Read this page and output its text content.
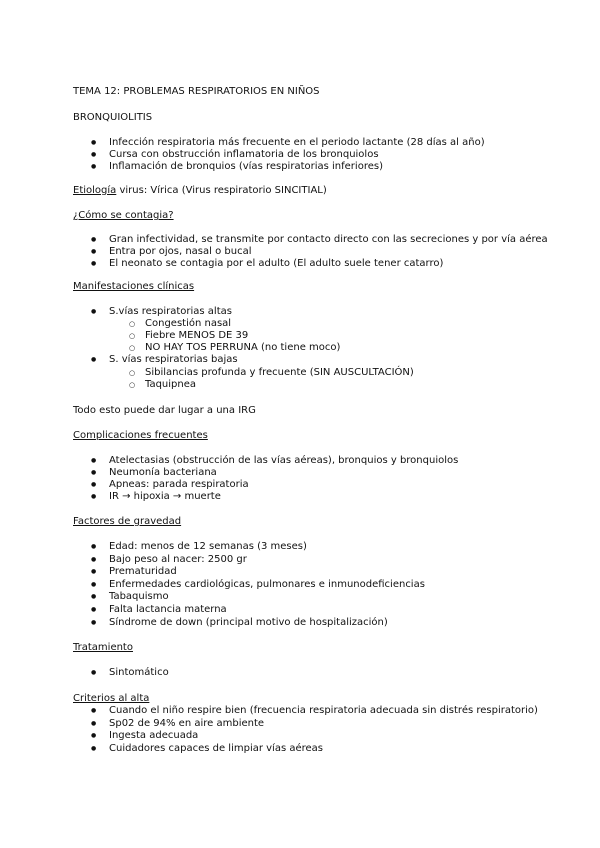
TEMA 12: PROBLEMAS RESPIRATORIOS EN NIÑOS
BRONQUIOLITIS
● Infección respiratoria más frecuente en el periodo lactante (28 días al año)
● Cursa con obstrucción inflamatoria de los bronquiolos
● Inflamación de bronquios (vías respiratorias inferiores)
Etiología virus: Vírica (Virus respiratorio SINCITIAL)
¿Cómo se contagia?
● Gran infectividad, se transmite por contacto directo con las secreciones y por vía aérea
● Entra por ojos, nasal o bucal
● El neonato se contagia por el adulto (El adulto suele tener catarro)
Manifestaciones clínicas
● S.vías respiratorias altas
○ Congestión nasal
○ Fiebre MENOS DE 39
○ NO HAY TOS PERRUNA (no tiene moco)
● S. vías respiratorias bajas
○ Sibilancias profunda y frecuente (SIN AUSCULTACIÓN)
○ Taquipnea
Todo esto puede dar lugar a una IRG
Complicaciones frecuentes
● Atelectasias (obstrucción de las vías aéreas), bronquios y bronquiolos
● Neumonía bacteriana
● Apneas: parada respiratoria
● IR → hipoxia → muerte
Factores de gravedad
● Edad: menos de 12 semanas (3 meses)
● Bajo peso al nacer: 2500 gr
● Prematuridad
● Enfermedades cardiológicas, pulmonares e inmunodeficiencias
● Tabaquismo
● Falta lactancia materna
● Síndrome de down (principal motivo de hospitalización)
Tratamiento
● Sintomático
Criterios al alta
● Cuando el niño respire bien (frecuencia respiratoria adecuada sin distrés respiratorio)
● Sp02 de 94% en aire ambiente
● Ingesta adecuada
● Cuidadores capaces de limpiar vías aéreas
